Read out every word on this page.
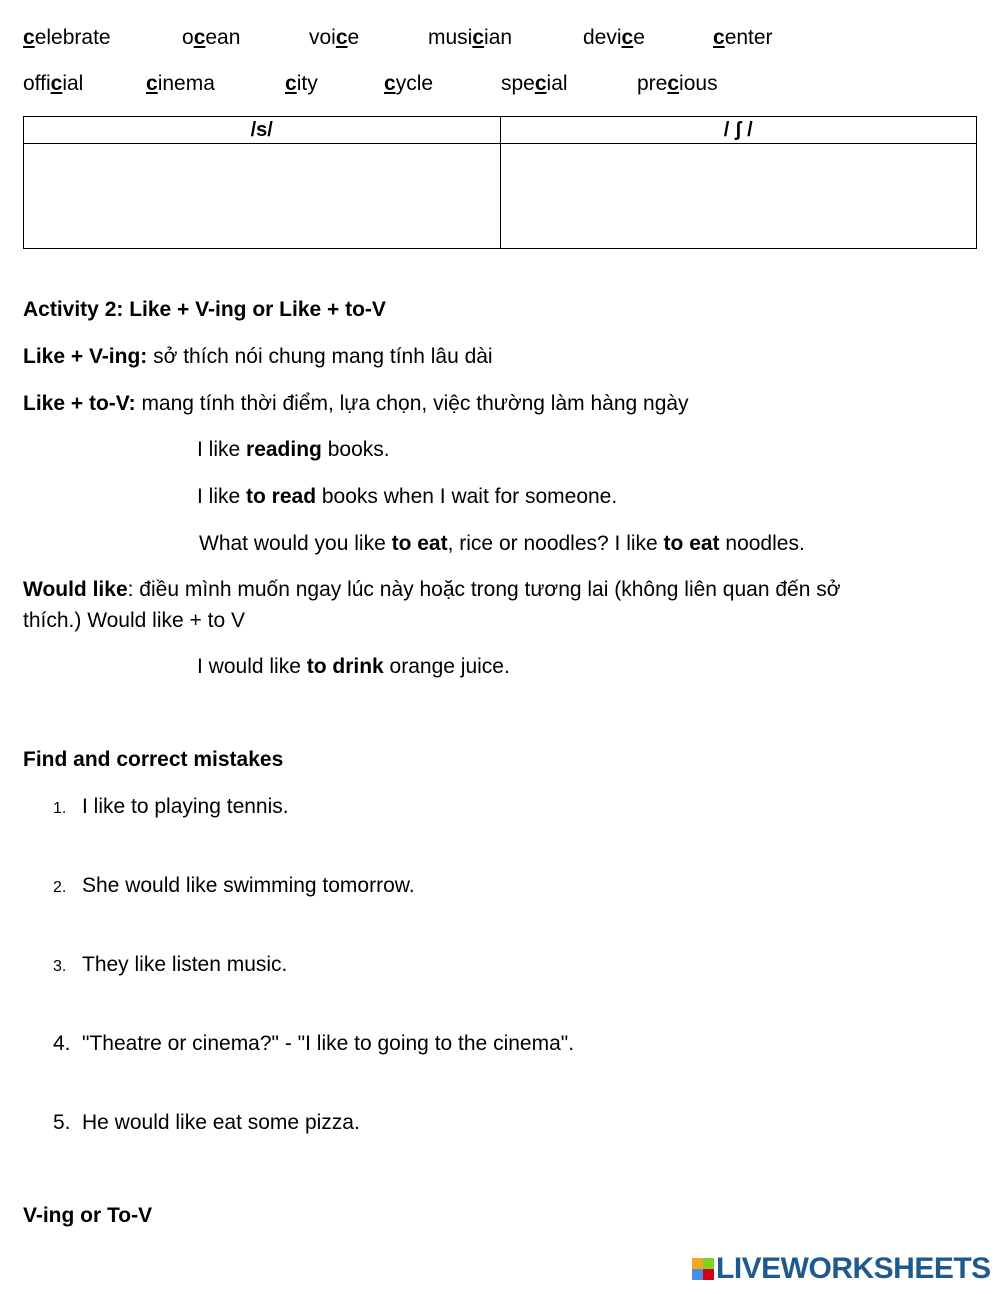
celebrate	ocean	voice	musician	device	center
official	cinema	city	cycle	special	precious
/s/	/ ʃ /

Activity 2: Like + V-ing or Like + to-V
Like + V-ing: sở thích nói chung mang tính lâu dài
Like + to-V: mang tính thời điểm, lựa chọn, việc thường làm hàng ngày
I like reading books.
I like to read books when I wait for someone.
What would you like to eat, rice or noodles? I like to eat noodles.
Would like: điều mình muốn ngay lúc này hoặc trong tương lai (không liên quan đến sở
thích.) Would like + to V
I would like to drink orange juice.
Find and correct mistakes
1. I like to playing tennis.
2. She would like swimming tomorrow.
3. They like listen music.
4. "Theatre or cinema?" - "I like to going to the cinema".
5. He would like eat some pizza.
V-ing or To-V
LIVEWORKSHEETS
